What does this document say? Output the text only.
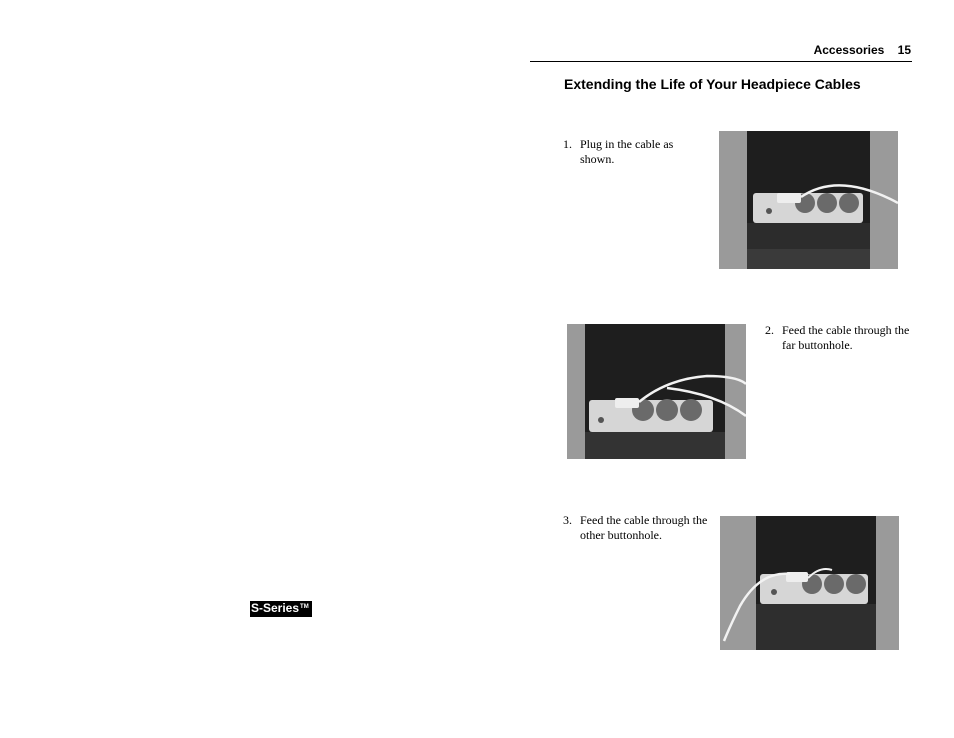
Accessories 15
Extending the Life of Your Headpiece Cables
1. Plug in the cable as shown.
2. Feed the cable through the far buttonhole.
3. Feed the cable through the other buttonhole.
S-Series™
